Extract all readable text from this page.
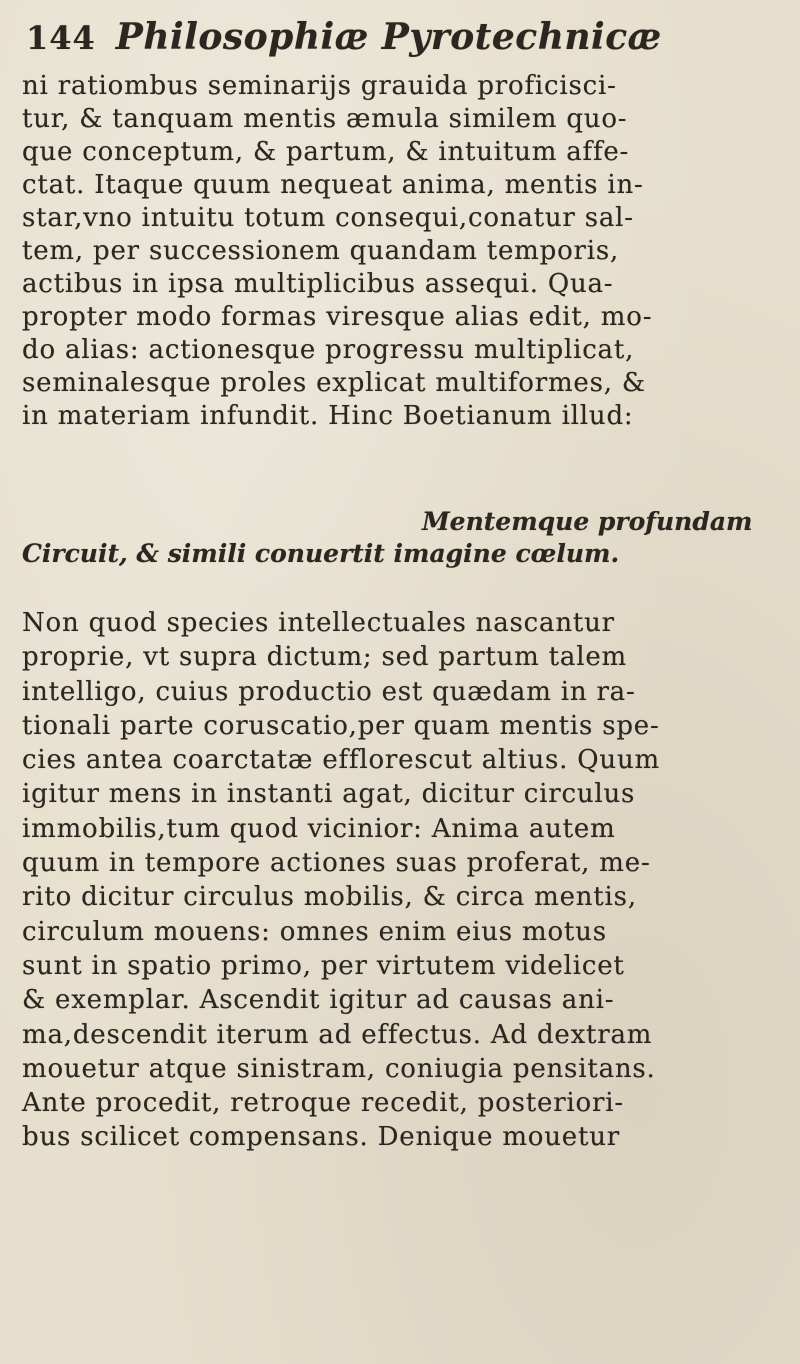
144 Philosophiæ Pyrotechnicæ
ni ratiombus seminarijs grauida proficisci-
tur, & tanquam mentis æmula similem quo-
que conceptum, & partum, & intuitum affe-
ctat. Itaque quum nequeat anima, mentis in-
star,vno intuitu totum consequi,conatur sal-
tem, per successionem quandam temporis,
actibus in ipsa multiplicibus assequi. Qua-
propter modo formas viresque alias edit, mo-
do alias: actionesque progressu multiplicat,
seminalesque proles explicat multiformes, &
in materiam infundit. Hinc Boetianum illud:
Mentemque profundam
Circuit, & simili conuertit imagine cœlum.
Non quod species intellectuales nascantur
proprie, vt supra dictum; sed partum talem
intelligo, cuius productio est quædam in ra-
tionali parte coruscatio,per quam mentis spe-
cies antea coarctatæ efflorescut altius. Quum
igitur mens in instanti agat, dicitur circulus
immobilis,tum quod vicinior: Anima autem
quum in tempore actiones suas proferat, me-
rito dicitur circulus mobilis, & circa mentis,
circulum mouens: omnes enim eius motus
sunt in spatio primo, per virtutem videlicet
& exemplar. Ascendit igitur ad causas ani-
ma,descendit iterum ad effectus. Ad dextram
mouetur atque sinistram, coniugia pensitans.
Ante procedit, retroque recedit, posteriori-
bus scilicet compensans. Denique mouetur
